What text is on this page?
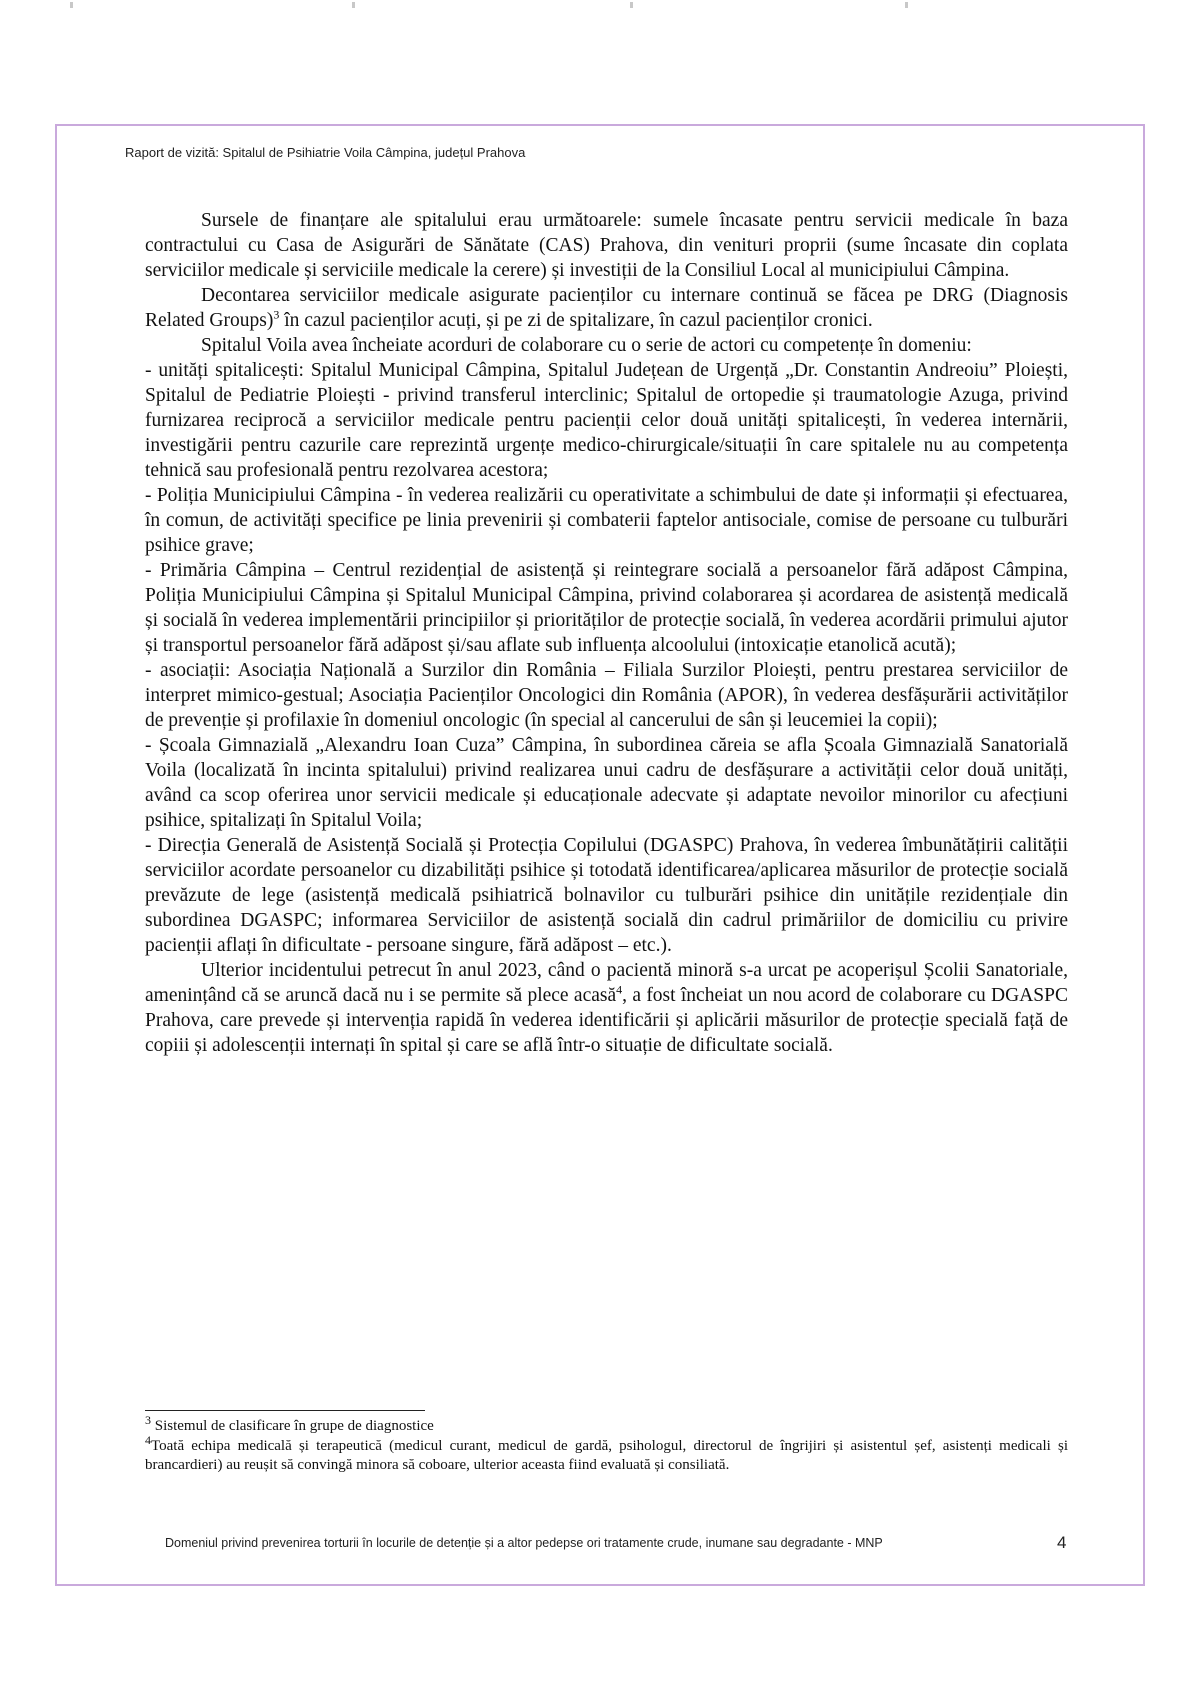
Raport de vizită: Spitalul de Psihiatrie Voila Câmpina, județul Prahova

Sursele de finanțare ale spitalului erau următoarele: sumele încasate pentru servicii medicale în baza contractului cu Casa de Asigurări de Sănătate (CAS) Prahova, din venituri proprii (sume încasate din coplata serviciilor medicale și serviciile medicale la cerere) și investiții de la Consiliul Local al municipiului Câmpina.

Decontarea serviciilor medicale asigurate pacienților cu internare continuă se făcea pe DRG (Diagnosis Related Groups)$^3$ în cazul pacienților acuți, și pe zi de spitalizare, în cazul pacienților cronici.

Spitalul Voila avea încheiate acorduri de colaborare cu o serie de actori cu competențe în domeniu:

- unități spitalicești: Spitalul Municipal Câmpina, Spitalul Județean de Urgență „Dr. Constantin Andreoiu” Ploiești, Spitalul de Pediatrie Ploiești - privind transferul interclinic; Spitalul de ortopedie și traumatologie Azuga, privind furnizarea reciprocă a serviciilor medicale pentru pacienții celor două unități spitalicești, în vederea internării, investigării pentru cazurile care reprezintă urgențe medico-chirurgicale/situații în care spitalele nu au competența tehnică sau profesională pentru rezolvarea acestora;

- Poliția Municipiului Câmpina - în vederea realizării cu operativitate a schimbului de date și informații și efectuarea, în comun, de activități specifice pe linia prevenirii și combaterii faptelor antisociale, comise de persoane cu tulburări psihice grave;

- Primăria Câmpina – Centrul rezidențial de asistență și reintegrare socială a persoanelor fără adăpost Câmpina, Poliția Municipiului Câmpina și Spitalul Municipal Câmpina, privind colaborarea și acordarea de asistență medicală și socială în vederea implementării principiilor și priorităților de protecție socială, în vederea acordării primului ajutor și transportul persoanelor fără adăpost și/sau aflate sub influența alcoolului (intoxicație etanolică acută);

- asociații: Asociația Națională a Surzilor din România – Filiala Surzilor Ploiești, pentru prestarea serviciilor de interpret mimico-gestual; Asociația Pacienților Oncologici din România (APOR), în vederea desfășurării activităților de prevenție și profilaxie în domeniul oncologic (în special al cancerului de sân și leucemiei la copii);

- Școala Gimnazială „Alexandru Ioan Cuza” Câmpina, în subordinea căreia se afla Școala Gimnazială Sanatorială Voila (localizată în incinta spitalului) privind realizarea unui cadru de desfășurare a activității celor două unități, având ca scop oferirea unor servicii medicale și educaționale adecvate și adaptate nevoilor minorilor cu afecțiuni psihice, spitalizați în Spitalul Voila;

- Direcția Generală de Asistență Socială și Protecția Copilului (DGASPC) Prahova, în vederea îmbunătățirii calității serviciilor acordate persoanelor cu dizabilități psihice și totodată identificarea/aplicarea măsurilor de protecție socială prevăzute de lege (asistență medicală psihiatrică bolnavilor cu tulburări psihice din unitățile rezidențiale din subordinea DGASPC; informarea Serviciilor de asistență socială din cadrul primăriilor de domiciliu cu privire pacienții aflați în dificultate - persoane singure, fără adăpost – etc.).

Ulterior incidentului petrecut în anul 2023, când o pacientă minoră s-a urcat pe acoperișul Școlii Sanatoriale, amenințând că se aruncă dacă nu i se permite să plece acasă$^4$, a fost încheiat un nou acord de colaborare cu DGASPC Prahova, care prevede și intervenția rapidă în vederea identificării și aplicării măsurilor de protecție specială față de copiii și adolescenții internați în spital și care se află într-o situație de dificultate socială.

$^3$ Sistemul de clasificare în grupe de diagnostice

$^4$Toată echipa medicală și terapeutică (medicul curant, medicul de gardă, psihologul, directorul de îngrijiri și asistentul șef, asistenți medicali și brancardieri) au reușit să convingă minora să coboare, ulterior aceasta fiind evaluată și consiliată.

Domeniul privind prevenirea torturii în locurile de detenție și a altor pedepse ori tratamente crude, inumane sau degradante - MNP	4
